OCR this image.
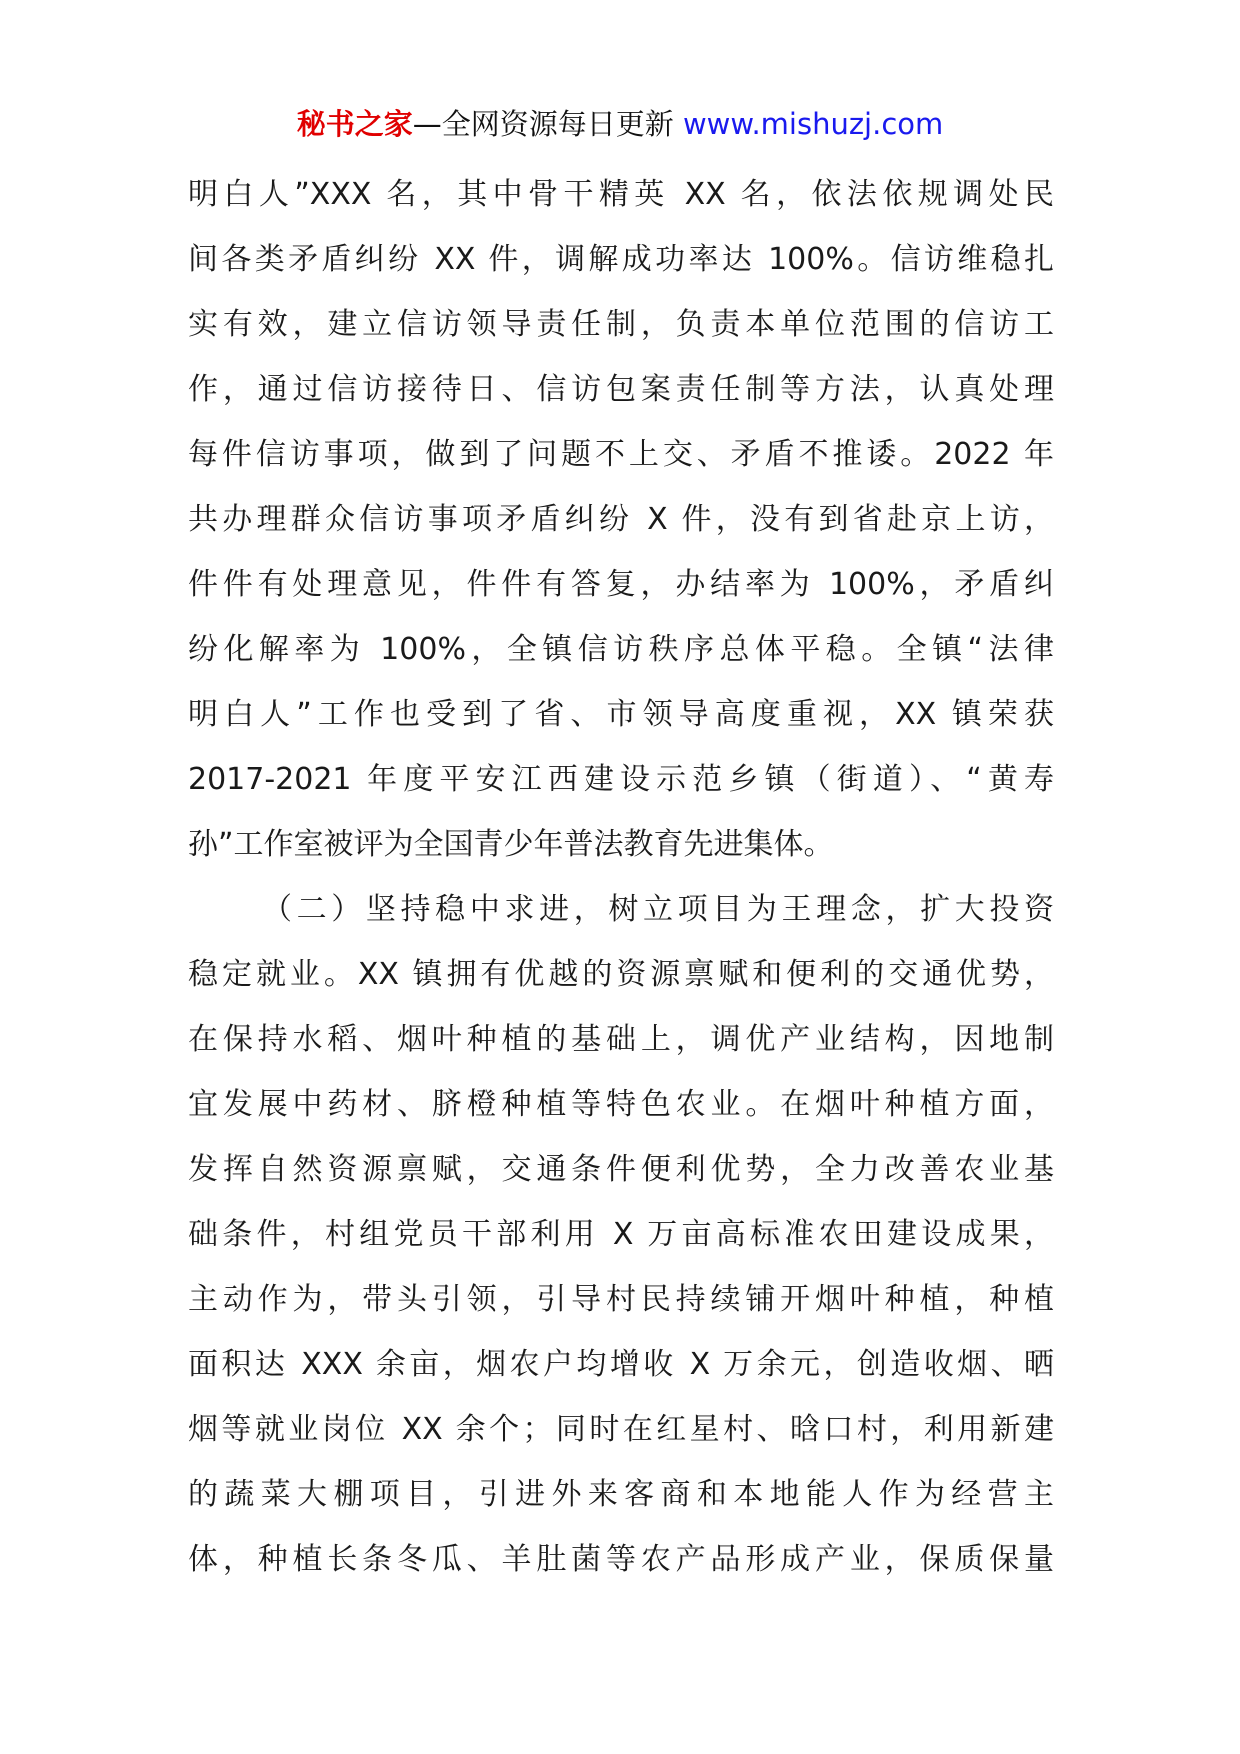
秘书之家—全网资源每日更新 www.mishuzj.com
明白人”XXX 名，其中骨干精英 XX 名，依法依规调处民
间各类矛盾纠纷 XX 件，调解成功率达 100%。信访维稳扎
实有效，建立信访领导责任制，负责本单位范围的信访工
作，通过信访接待日、信访包案责任制等方法，认真处理
每件信访事项，做到了问题不上交、矛盾不推诿。2022 年
共办理群众信访事项矛盾纠纷 X 件，没有到省赴京上访，
件件有处理意见，件件有答复，办结率为 100%，矛盾纠
纷化解率为 100%，全镇信访秩序总体平稳。全镇“法律
明白人”工作也受到了省、市领导高度重视，XX 镇荣获
2017-2021 年度平安江西建设示范乡镇（街道）、“黄寿
孙”工作室被评为全国青少年普法教育先进集体。
（二）坚持稳中求进，树立项目为王理念，扩大投资
稳定就业。XX 镇拥有优越的资源禀赋和便利的交通优势，
在保持水稻、烟叶种植的基础上，调优产业结构，因地制
宜发展中药材、脐橙种植等特色农业。在烟叶种植方面，
发挥自然资源禀赋，交通条件便利优势，全力改善农业基
础条件，村组党员干部利用 X 万亩高标准农田建设成果，
主动作为，带头引领，引导村民持续铺开烟叶种植，种植
面积达 XXX 余亩，烟农户均增收 X 万余元，创造收烟、晒
烟等就业岗位 XX 余个；同时在红星村、晗口村，利用新建
的蔬菜大棚项目，引进外来客商和本地能人作为经营主
体，种植长条冬瓜、羊肚菌等农产品形成产业，保质保量
